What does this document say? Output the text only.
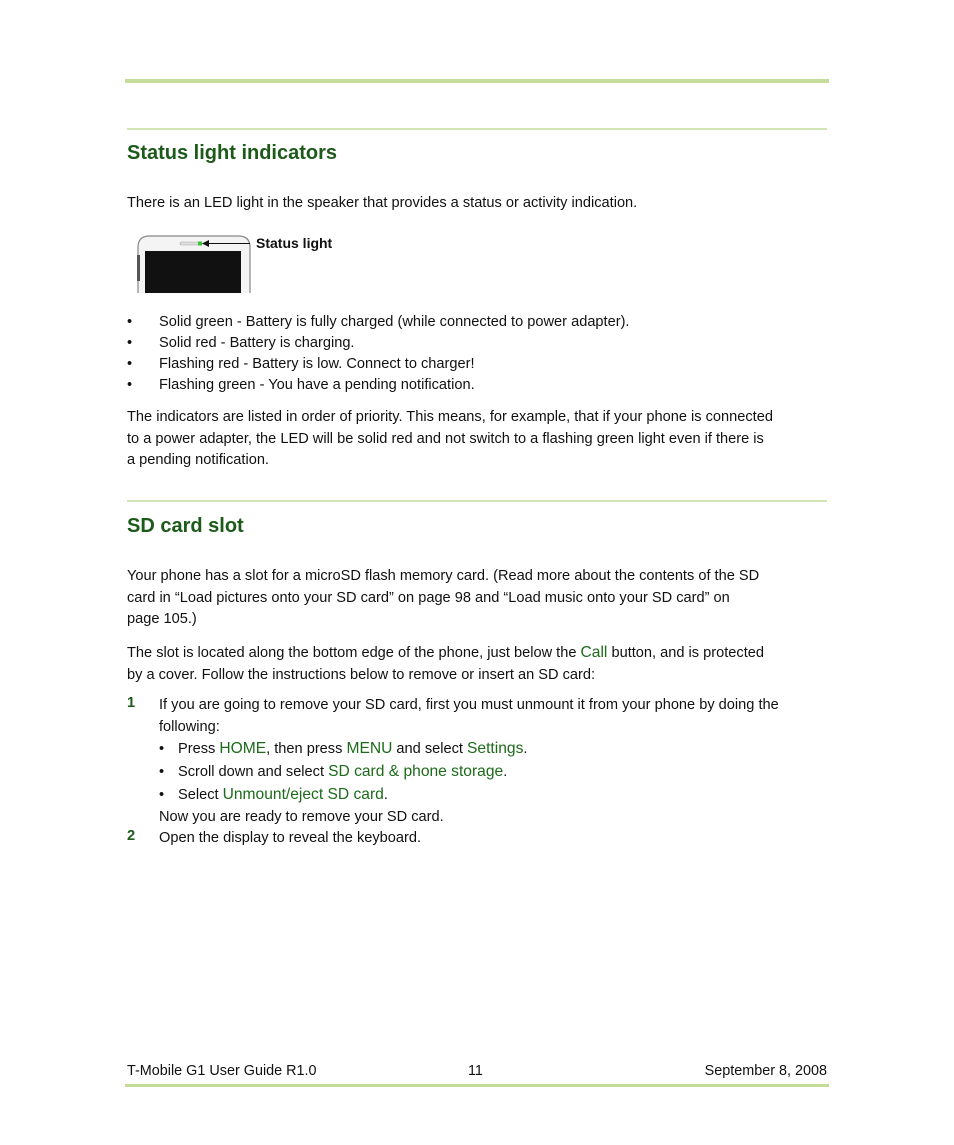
Status light indicators

There is an LED light in the speaker that provides a status or activity indication.

Status light
• Solid green - Battery is fully charged (while connected to power adapter).
• Solid red - Battery is charging.
• Flashing red - Battery is low. Connect to charger!
• Flashing green - You have a pending notification.

The indicators are listed in order of priority. This means, for example, that if your phone is connected
to a power adapter, the LED will be solid red and not switch to a flashing green light even if there is
a pending notification.

SD card slot

Your phone has a slot for a microSD flash memory card. (Read more about the contents of the SD
card in “Load pictures onto your SD card” on page 98 and “Load music onto your SD card” on
page 105.)

The slot is located along the bottom edge of the phone, just below the Call button, and is protected
by a cover. Follow the instructions below to remove or insert an SD card:

1 If you are going to remove your SD card, first you must unmount it from your phone by doing the
following:

• Press HOME, then press MENU and select Settings.
• Scroll down and select SD card & phone storage.
• Select Unmount/eject SD card.

Now you are ready to remove your SD card.

2 Open the display to reveal the keyboard.

T-Mobile G1 User Guide R1.0	11	September 8, 2008
